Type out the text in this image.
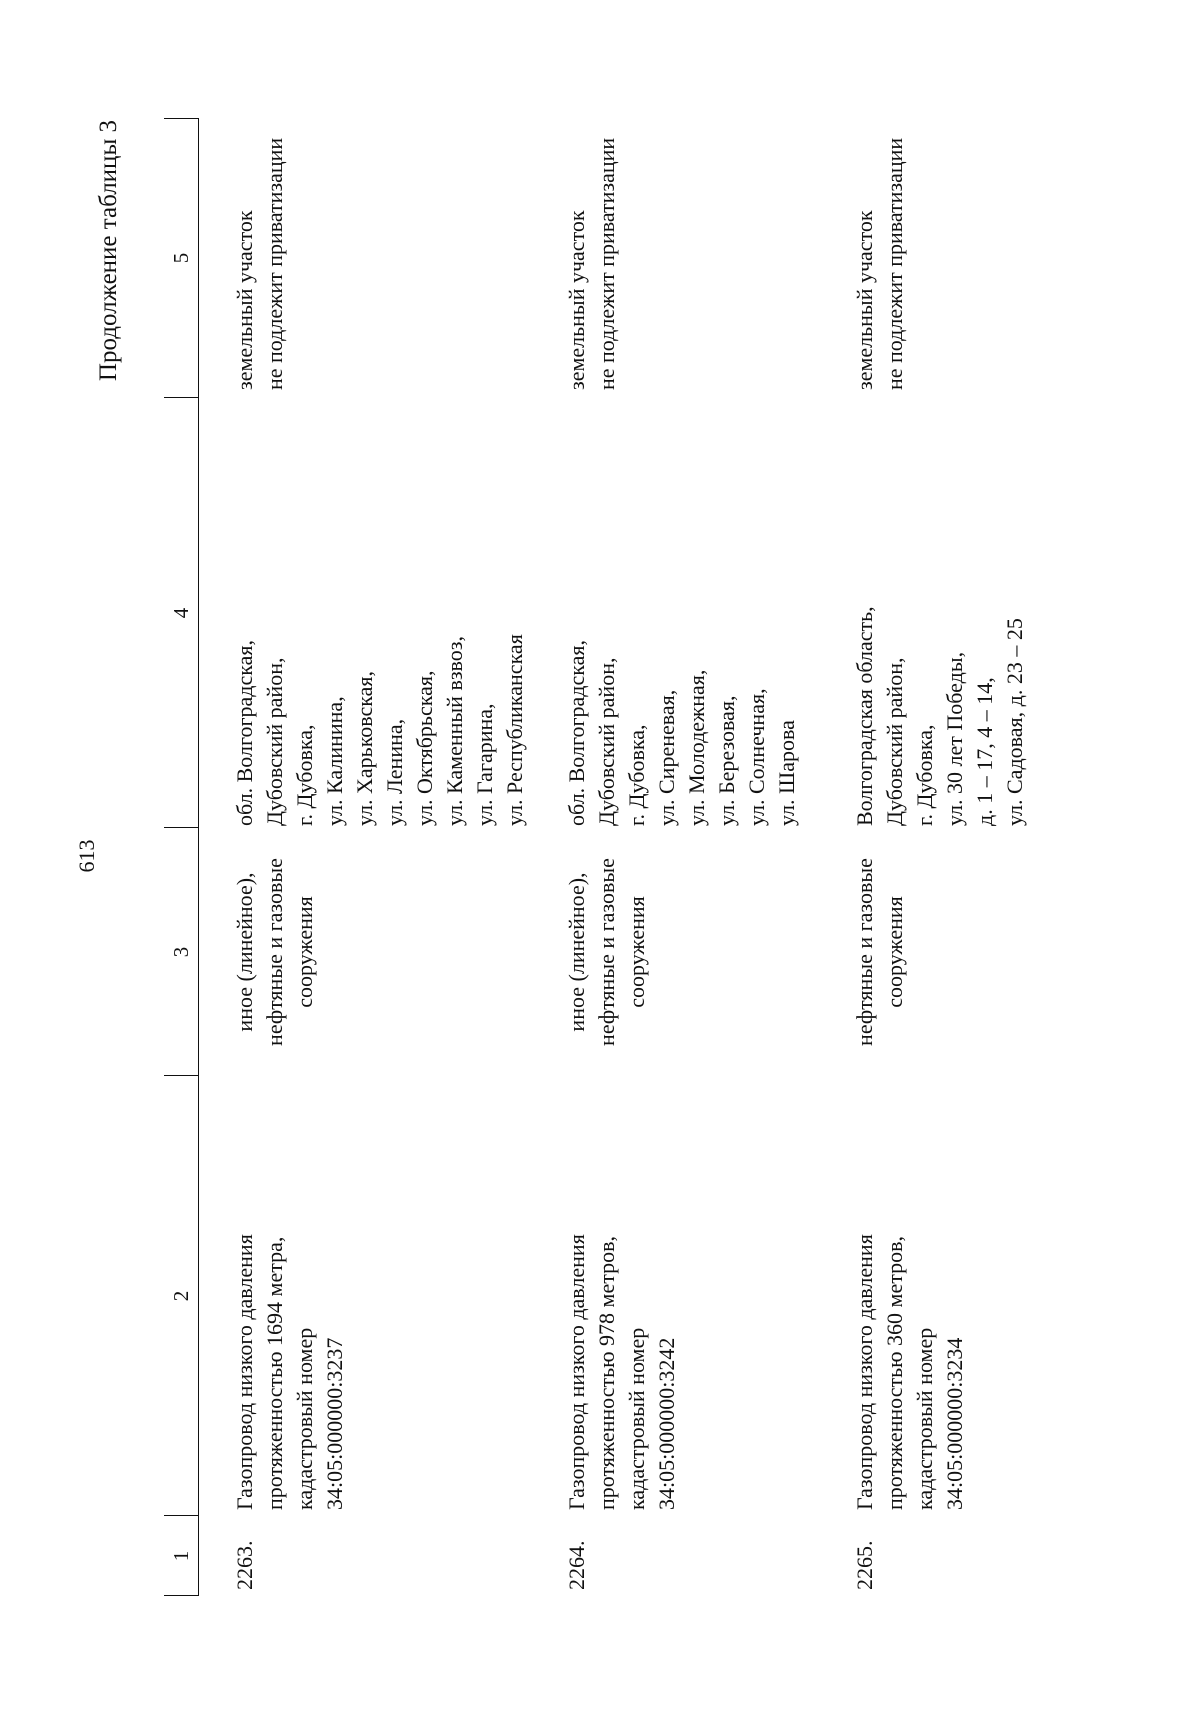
613
Продолжение таблицы 3
1
2
3
4
5
2263.
Газопровод низкого давления протяженностью 1694 метра, кадастровый номер 34:05:000000:3237
иное (линейное), нефтяные и газовые сооружения
обл. Волгоградская, Дубовский район, г. Дубовка, ул. Калинина, ул. Харьковская, ул. Ленина, ул. Октябрьская, ул. Каменный взвоз, ул. Гагарина, ул. Республиканская
земельный участок не подлежит приватизации
2264.
Газопровод низкого давления протяженностью 978 метров, кадастровый номер 34:05:000000:3242
иное (линейное), нефтяные и газовые сооружения
обл. Волгоградская, Дубовский район, г. Дубовка, ул. Сиреневая, ул. Молодежная, ул. Березовая, ул. Солнечная, ул. Шарова
земельный участок не подлежит приватизации
2265.
Газопровод низкого давления протяженностью 360 метров, кадастровый номер 34:05:000000:3234
нефтяные и газовые сооружения
Волгоградская область, Дубовский район, г. Дубовка, ул. 30 лет Победы, д. 1 – 17, 4 – 14, ул. Садовая, д. 23 – 25
земельный участок не подлежит приватизации
